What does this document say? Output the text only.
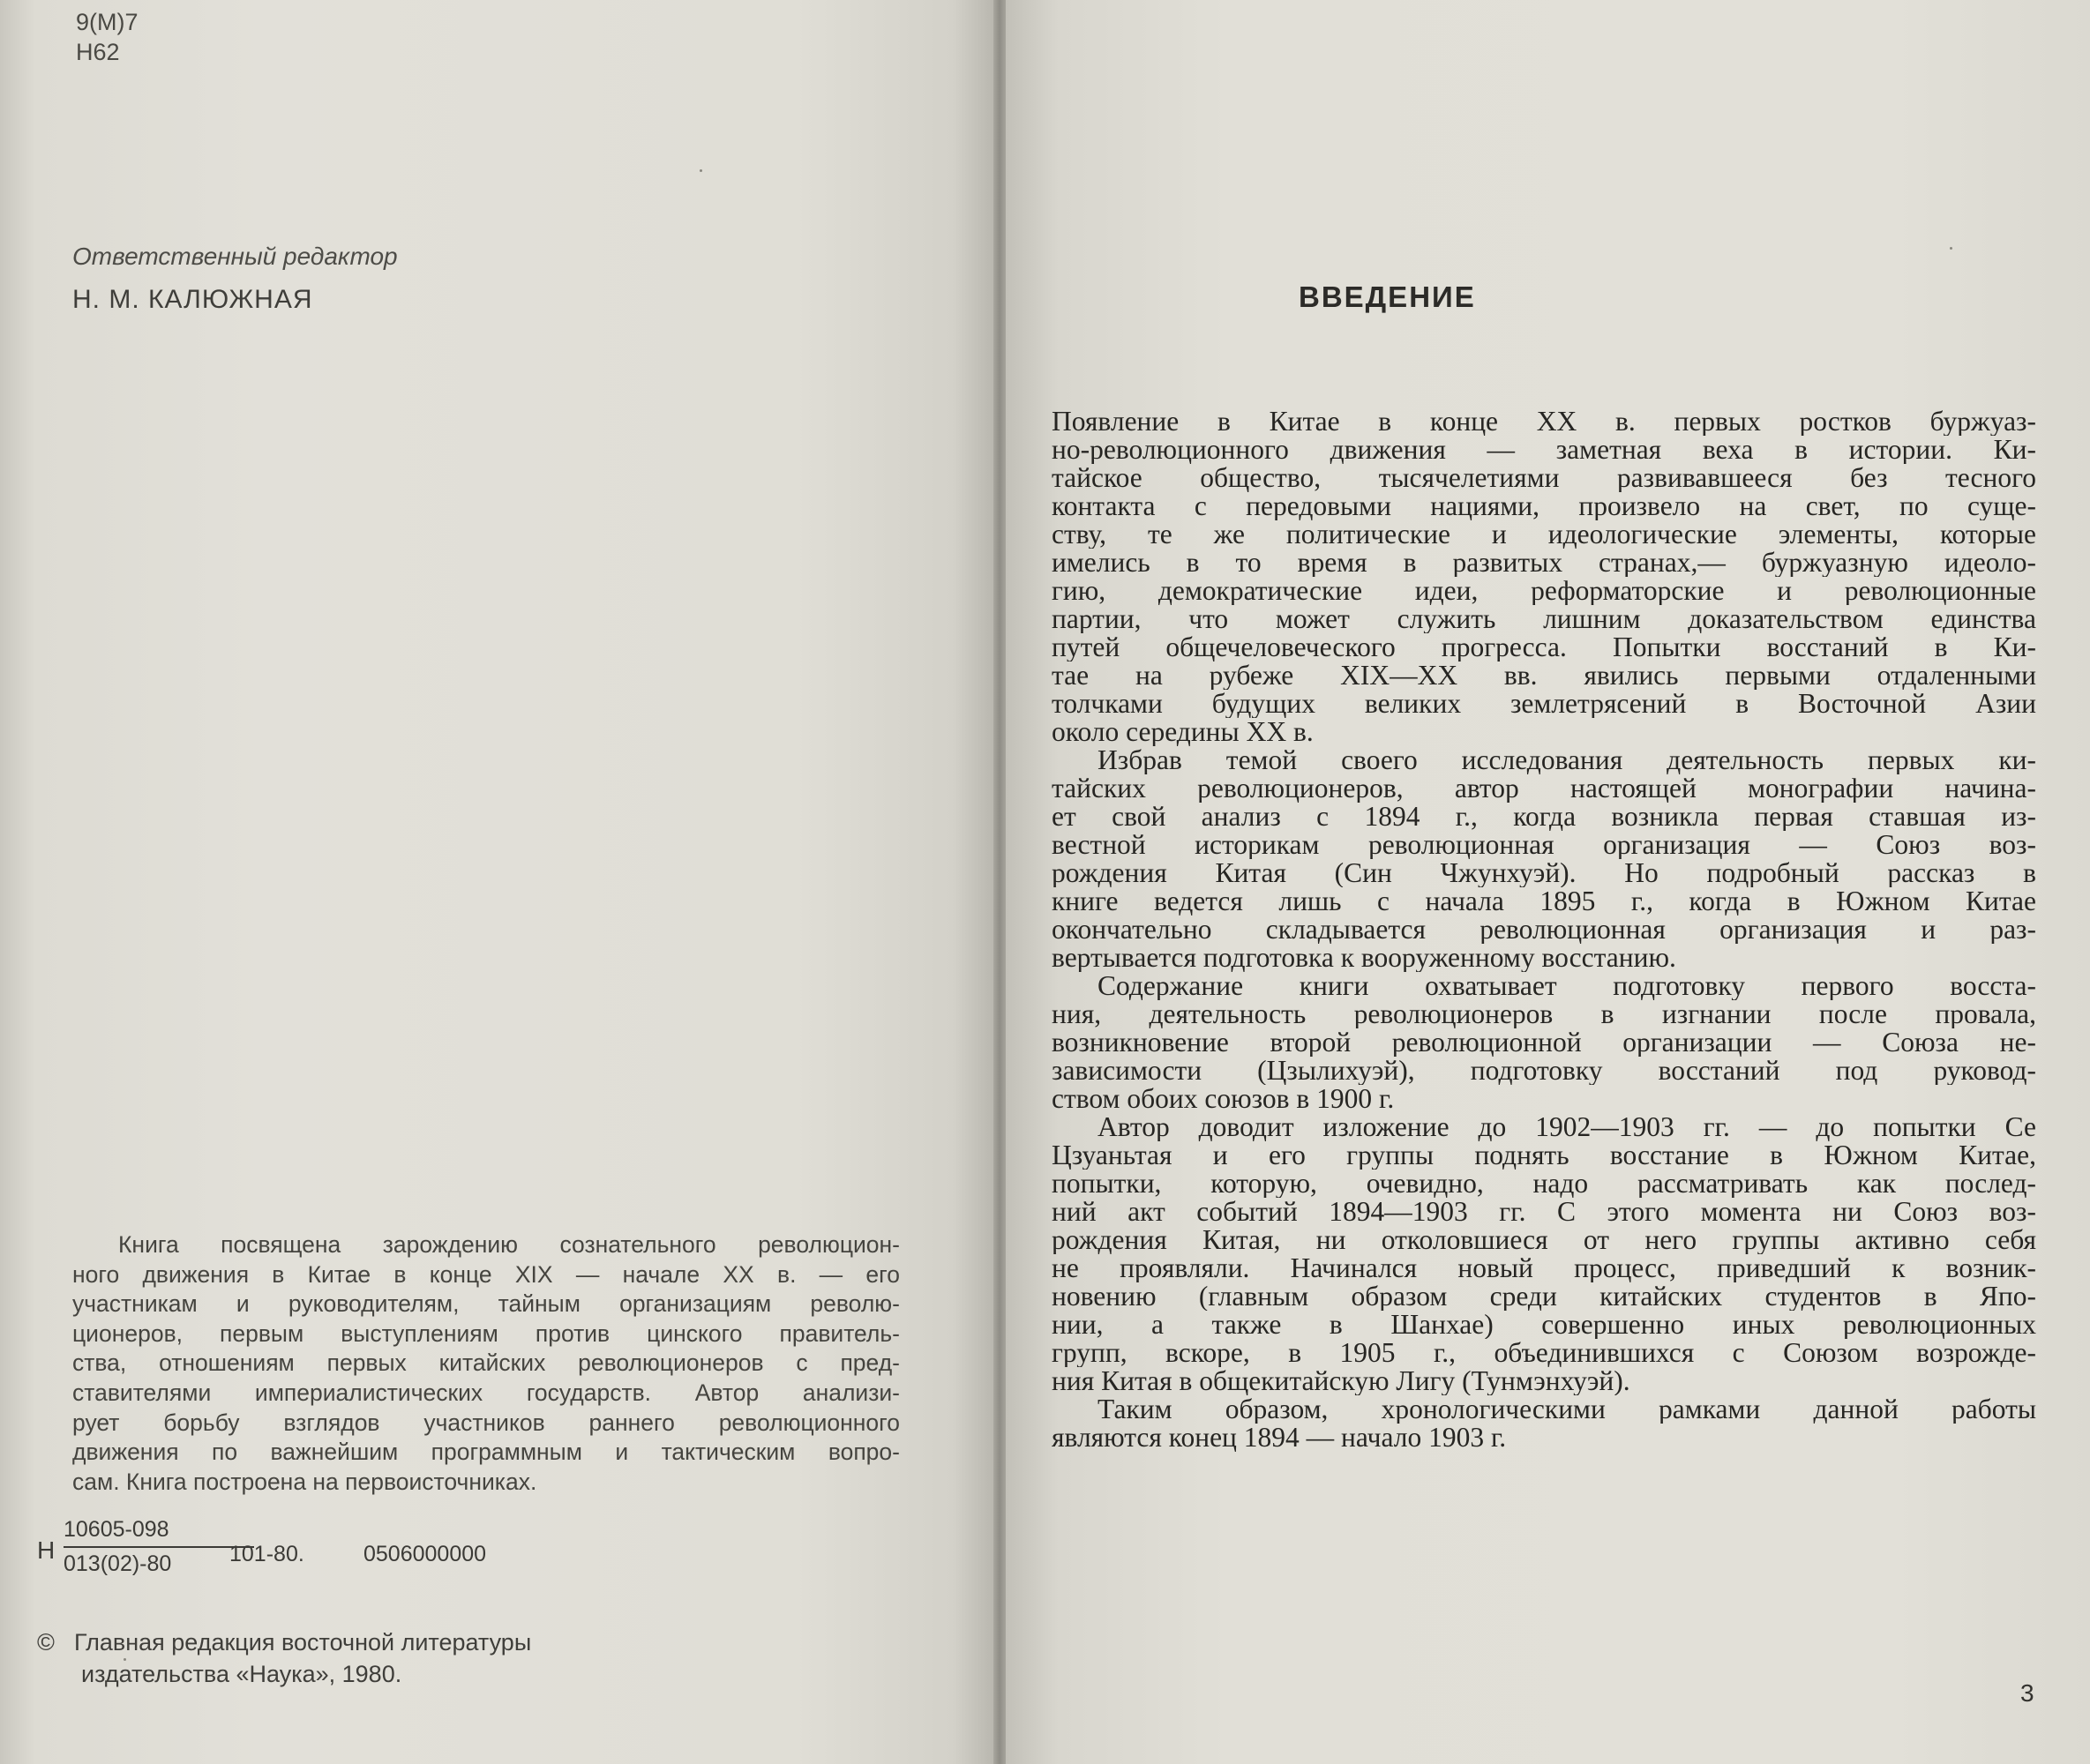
9(М)7
Н62
Ответственный редактор
Н. М. КАЛЮЖНАЯ
Книга посвящена зарождению сознательного революцион-
ного движения в Китае в конце XIX — начале XX в. — его
участникам и руководителям, тайным организациям револю-
ционеров, первым выступлениям против цинского правитель-
ства, отношениям первых китайских революционеров с пред-
ставителями империалистических государств. Автор анализи-
рует борьбу взглядов участников раннего революционного
движения по важнейшим программным и тактическим вопро-
сам. Книга построена на первоисточниках.
Н $\frac{10605-098}{013(02)-80}$
101-80.	0506000000
© Главная редакция восточной литературы
издательства «Наука», 1980.
ВВЕДЕНИЕ
Появление в Китае в конце XX в. первых ростков буржуаз-
но-революционного движения — заметная веха в истории. Ки-
тайское общество, тысячелетиями развивавшееся без тесного
контакта с передовыми нациями, произвело на свет, по суще-
ству, те же политические и идеологические элементы, которые
имелись в то время в развитых странах,— буржуазную идеоло-
гию, демократические идеи, реформаторские и революционные
партии, что может служить лишним доказательством единства
путей общечеловеческого прогресса. Попытки восстаний в Ки-
тае на рубеже XIX—XX вв. явились первыми отдаленными
толчками будущих великих землетрясений в Восточной Азии
около середины XX в.
Избрав темой своего исследования деятельность первых ки-
тайских революционеров, автор настоящей монографии начина-
ет свой анализ с 1894 г., когда возникла первая ставшая из-
вестной историкам революционная организация — Союз воз-
рождения Китая (Син Чжунхуэй). Но подробный рассказ в
книге ведется лишь с начала 1895 г., когда в Южном Китае
окончательно складывается революционная организация и раз-
вертывается подготовка к вооруженному восстанию.
Содержание книги охватывает подготовку первого восста-
ния, деятельность революционеров в изгнании после провала,
возникновение второй революционной организации — Союза не-
зависимости (Цзылихуэй), подготовку восстаний под руковод-
ством обоих союзов в 1900 г.
Автор доводит изложение до 1902—1903 гг. — до попытки Се
Цзуаньтая и его группы поднять восстание в Южном Китае,
попытки, которую, очевидно, надо рассматривать как послед-
ний акт событий 1894—1903 гг. С этого момента ни Союз воз-
рождения Китая, ни отколовшиеся от него группы активно себя
не проявляли. Начинался новый процесс, приведший к возник-
новению (главным образом среди китайских студентов в Япо-
нии, а также в Шанхае) совершенно иных революционных
групп, вскоре, в 1905 г., объединившихся с Союзом возрожде-
ния Китая в общекитайскую Лигу (Тунмэнхуэй).
Таким образом, хронологическими рамками данной работы
являются конец 1894 — начало 1903 г.
3
